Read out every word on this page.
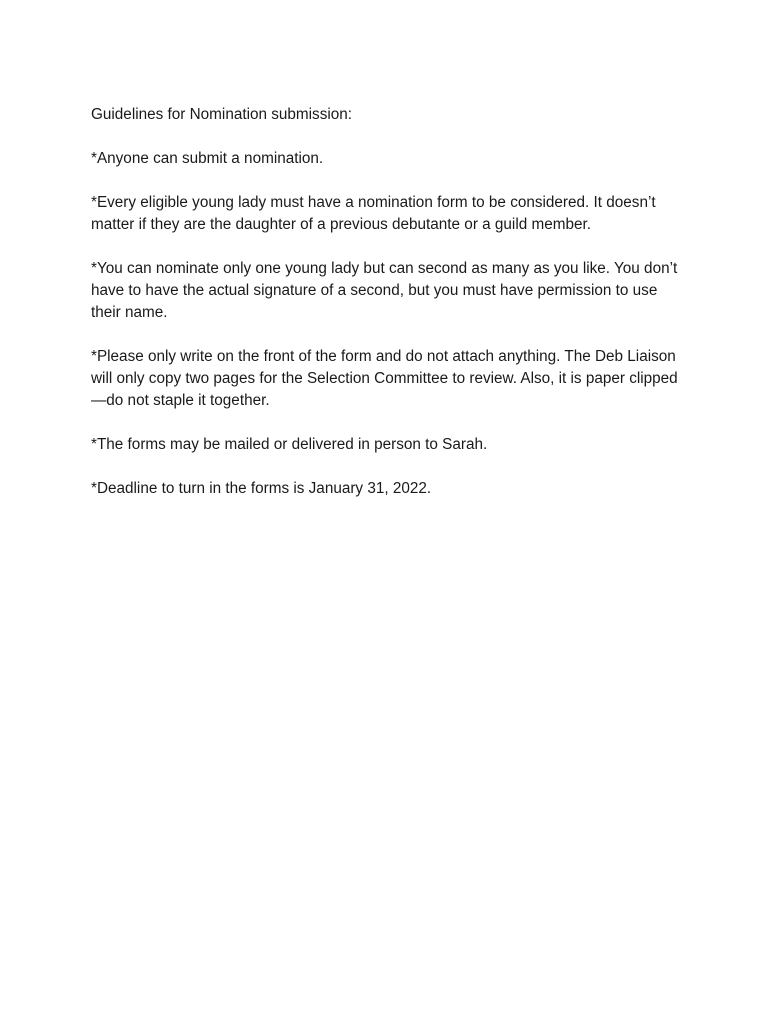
Guidelines for Nomination submission:

*Anyone can submit a nomination.

*Every eligible young lady must have a nomination form to be considered. It doesn’t matter if they are the daughter of a previous debutante or a guild member.

*You can nominate only one young lady but can second as many as you like. You don’t have to have the actual signature of a second, but you must have permission to use their name.

*Please only write on the front of the form and do not attach anything. The Deb Liaison will only copy two pages for the Selection Committee to review. Also, it is paper clipped—do not staple it together.

*The forms may be mailed or delivered in person to Sarah.

*Deadline to turn in the forms is January 31, 2022.
